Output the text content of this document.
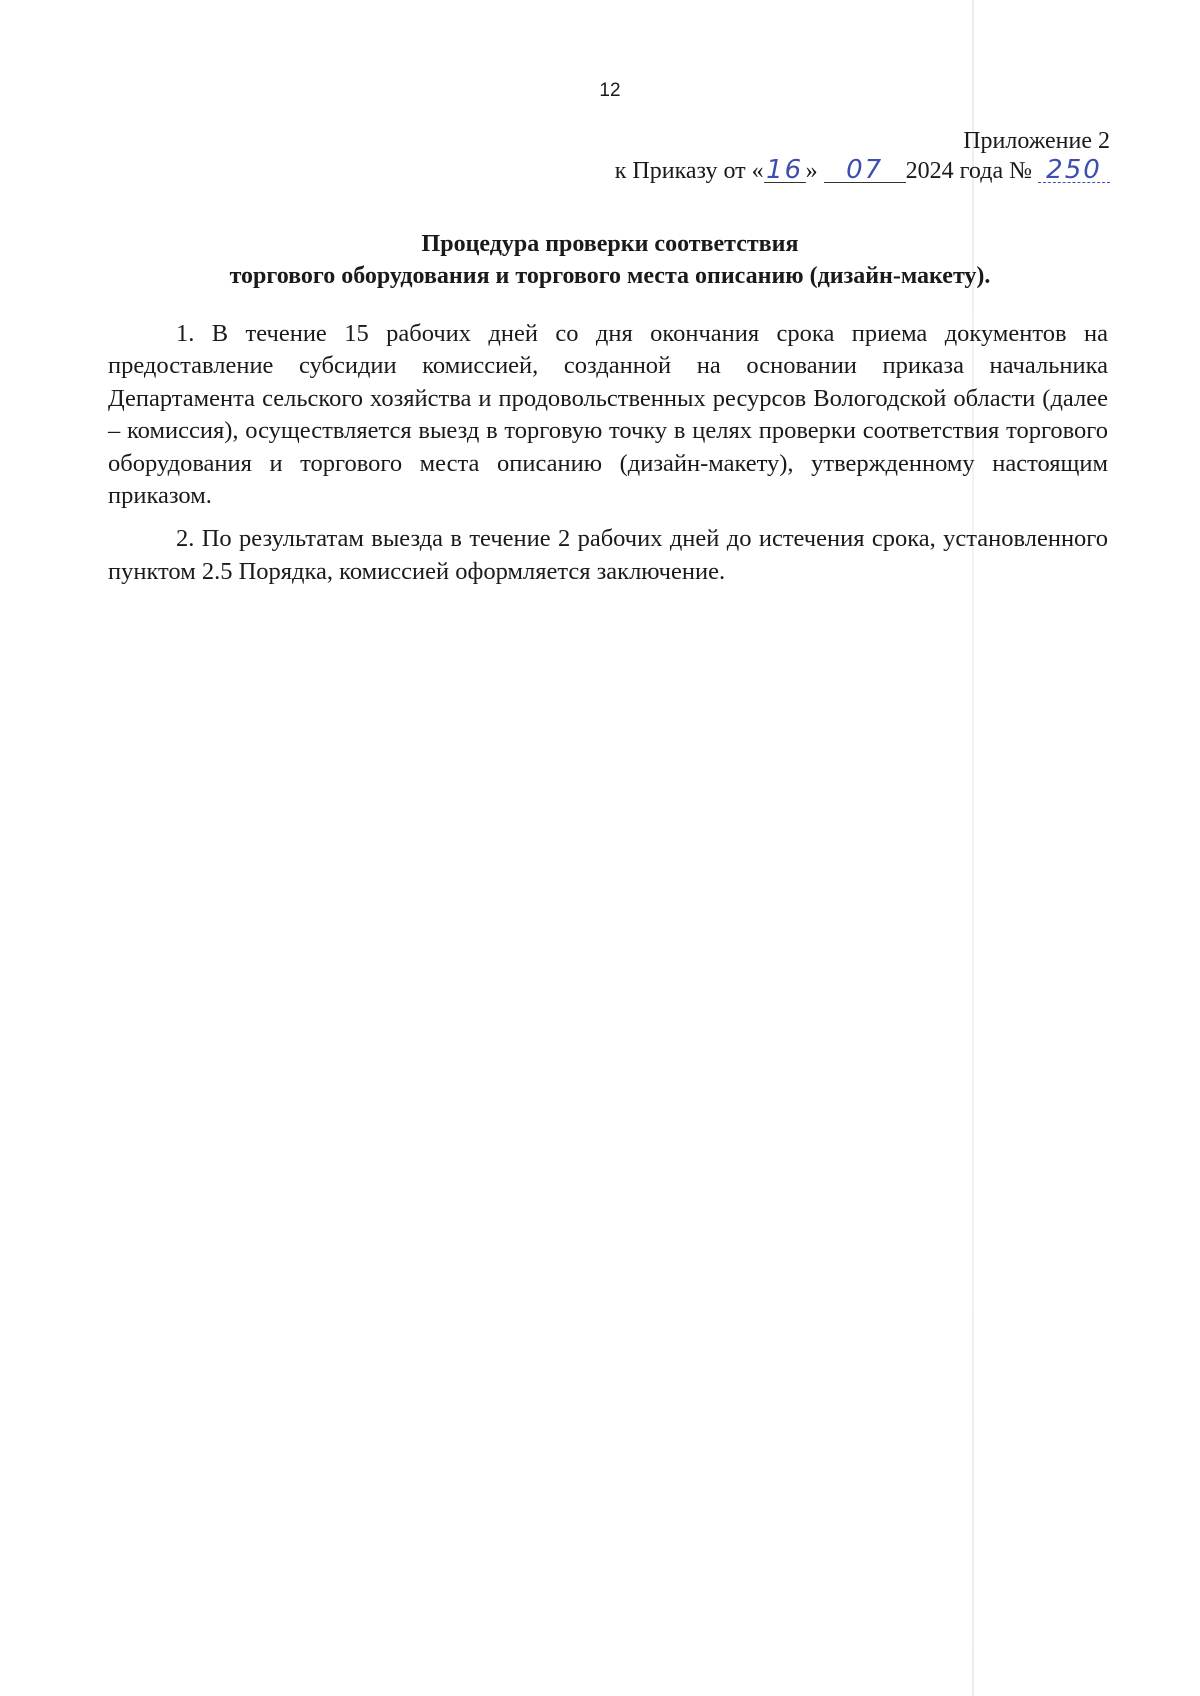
12
Приложение 2
к Приказу от «16 » 07 2024 года № 250
Процедура проверки соответствия
торгового оборудования и торгового места описанию (дизайн-макету).

1. В течение 15 рабочих дней со дня окончания срока приема документов на предоставление субсидии комиссией, созданной на основании приказа начальника Департамента сельского хозяйства и продовольственных ресурсов Вологодской области (далее – комиссия), осуществляется выезд в торговую точку в целях проверки соответствия торгового оборудования и торгового места описанию (дизайн-макету), утвержденному настоящим приказом.

2. По результатам выезда в течение 2 рабочих дней до истечения срока, установленного пунктом 2.5 Порядка, комиссией оформляется заключение.
